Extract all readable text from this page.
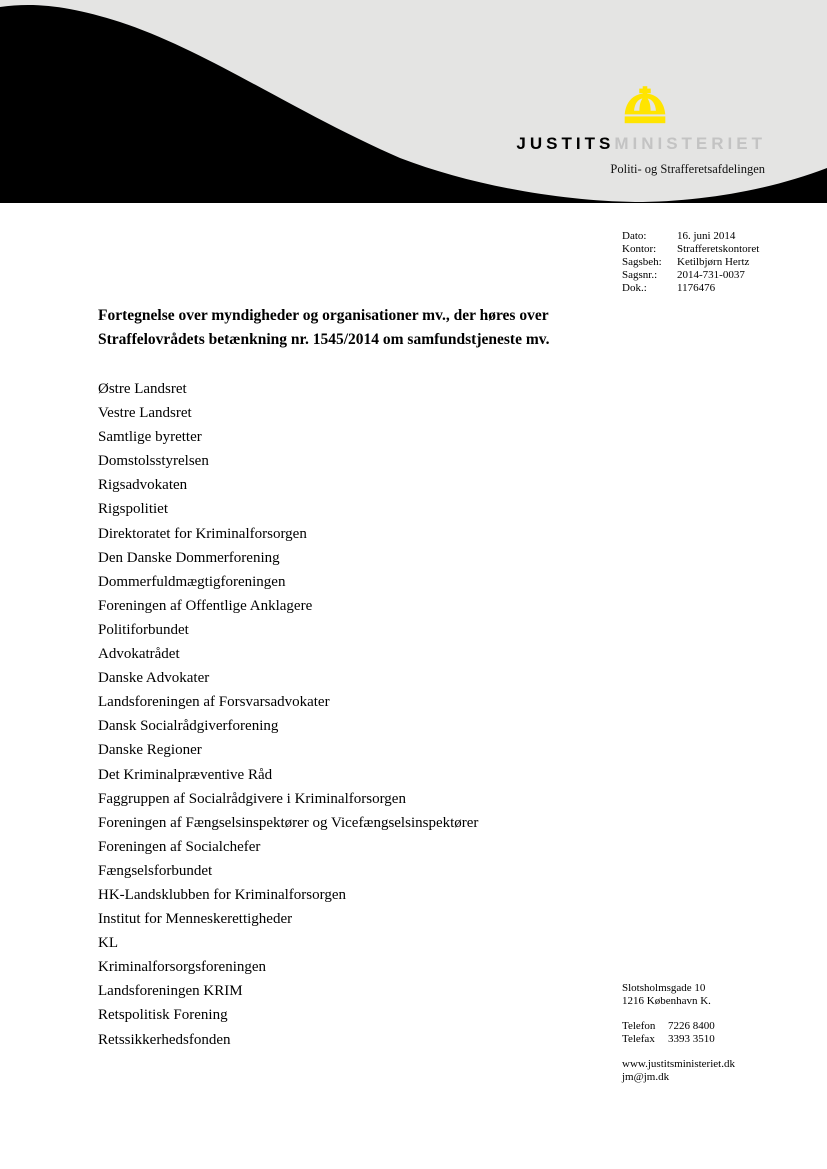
JUSTITSMINISTERIET
Politi- og Strafferetsafdelingen
Dato:	16. juni 2014
Kontor:	Strafferetskontoret
Sagsbeh:	Ketilbjørn Hertz
Sagsnr.:	2014-731-0037
Dok.:	1176476
Fortegnelse over myndigheder og organisationer mv., der høres over
Straffelovrådets betænkning nr. 1545/2014 om samfundstjeneste mv.
Østre Landsret
Vestre Landsret
Samtlige byretter
Domstolsstyrelsen
Rigsadvokaten
Rigspolitiet
Direktoratet for Kriminalforsorgen
Den Danske Dommerforening
Dommerfuldmægtigforeningen
Foreningen af Offentlige Anklagere
Politiforbundet
Advokatrådet
Danske Advokater
Landsforeningen af Forsvarsadvokater
Dansk Socialrådgiverforening
Danske Regioner
Det Kriminalpræventive Råd
Faggruppen af Socialrådgivere i Kriminalforsorgen
Foreningen af Fængselsinspektører og Vicefængselsinspektører
Foreningen af Socialchefer
Fængselsforbundet
HK-Landsklubben for Kriminalforsorgen
Institut for Menneskerettigheder
KL
Kriminalforsorgsforeningen
Landsforeningen KRIM
Retspolitisk Forening
Retssikkerhedsfonden
Slotsholmsgade 10
1216 København K.
Telefon	7226 8400
Telefax	3393 3510
www.justitsministeriet.dk
jm@jm.dk
